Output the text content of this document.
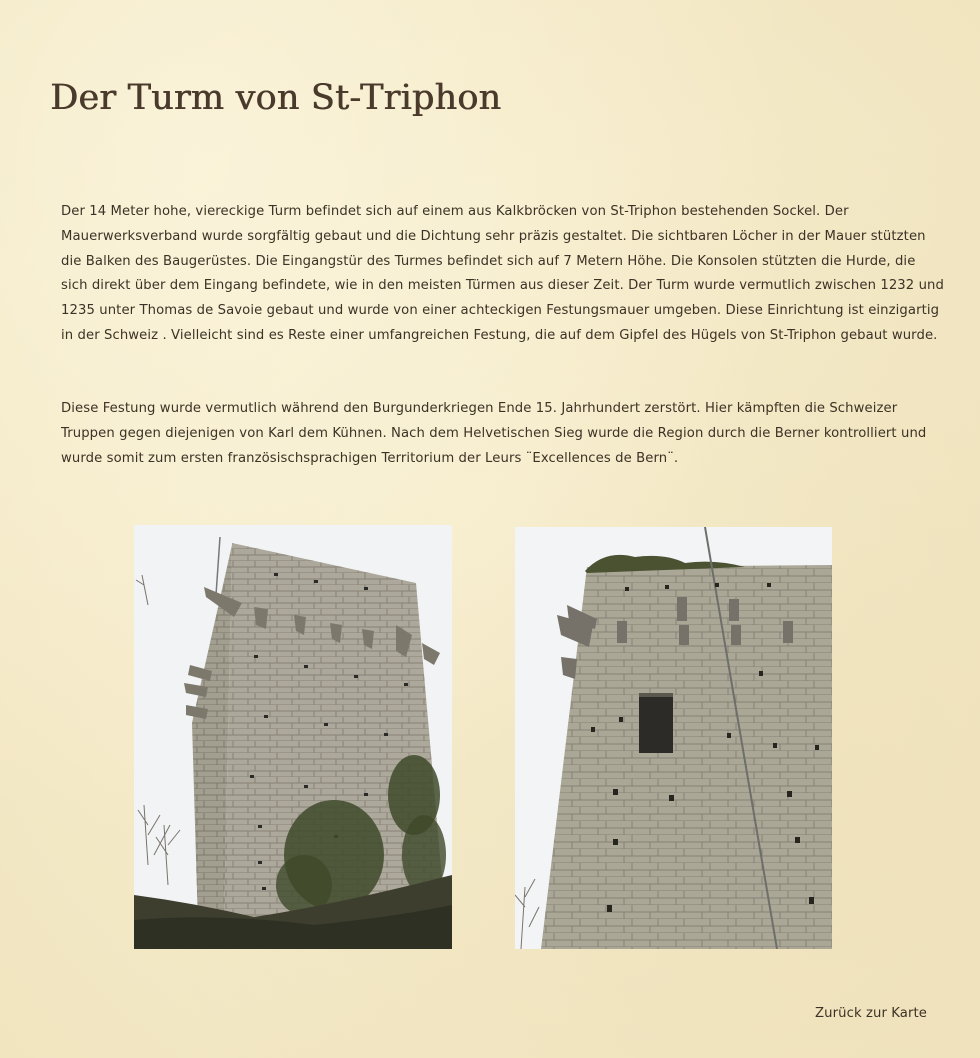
Der Turm von St-Triphon

Der 14 Meter hohe, viereckige Turm befindet sich auf einem aus Kalkbröcken von St-Triphon bestehenden Sockel. Der Mauerwerksverband wurde sorgfältig gebaut und die Dichtung sehr präzis gestaltet. Die sichtbaren Löcher in der Mauer stützten die Balken des Baugerüstes. Die Eingangstür des Turmes befindet sich auf 7 Metern Höhe. Die Konsolen stützten die Hurde, die sich direkt über dem Eingang befindete, wie in den meisten Türmen aus dieser Zeit. Der Turm wurde vermutlich zwischen 1232 und 1235 unter Thomas de Savoie gebaut und wurde von einer achteckigen Festungsmauer umgeben. Diese Einrichtung ist einzigartig in der Schweiz . Vielleicht sind es Reste einer umfangreichen Festung, die auf dem Gipfel des Hügels von St-Triphon gebaut wurde.

Diese Festung wurde vermutlich während den Burgunderkriegen Ende 15. Jahrhundert zerstört. Hier kämpften die Schweizer Truppen gegen diejenigen von Karl dem Kühnen. Nach dem Helvetischen Sieg wurde die Region durch die Berner kontrolliert und wurde somit zum ersten französischsprachigen Territorium der Leurs ¨Excellences de Bern¨.

Zurück zur Karte
